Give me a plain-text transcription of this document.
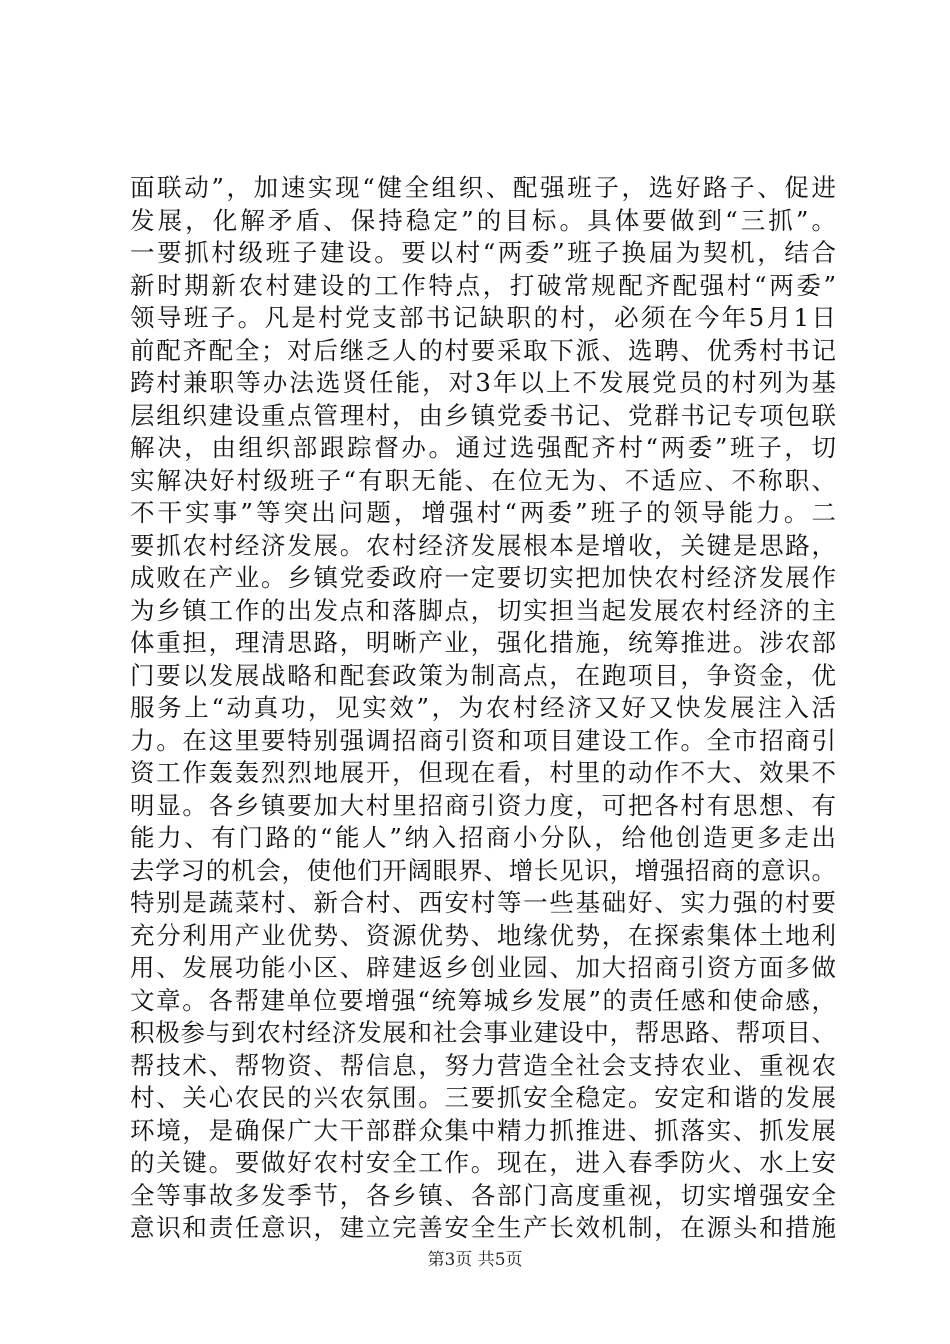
面联动”，加速实现“健全组织、配强班子，选好路子、促进
发展，化解矛盾、保持稳定”的目标。具体要做到“三抓”。
一要抓村级班子建设。要以村“两委”班子换届为契机，结合
新时期新农村建设的工作特点，打破常规配齐配强村“两委”
领导班子。凡是村党支部书记缺职的村，必须在今年5月1日
前配齐配全；对后继乏人的村要采取下派、选聘、优秀村书记
跨村兼职等办法选贤任能，对3年以上不发展党员的村列为基
层组织建设重点管理村，由乡镇党委书记、党群书记专项包联
解决，由组织部跟踪督办。通过选强配齐村“两委”班子，切
实解决好村级班子“有职无能、在位无为、不适应、不称职、
不干实事”等突出问题，增强村“两委”班子的领导能力。二
要抓农村经济发展。农村经济发展根本是增收，关键是思路，
成败在产业。乡镇党委政府一定要切实把加快农村经济发展作
为乡镇工作的出发点和落脚点，切实担当起发展农村经济的主
体重担，理清思路，明晰产业，强化措施，统筹推进。涉农部
门要以发展战略和配套政策为制高点，在跑项目，争资金，优
服务上“动真功，见实效”，为农村经济又好又快发展注入活
力。在这里要特别强调招商引资和项目建设工作。全市招商引
资工作轰轰烈烈地展开，但现在看，村里的动作不大、效果不
明显。各乡镇要加大村里招商引资力度，可把各村有思想、有
能力、有门路的“能人”纳入招商小分队，给他创造更多走出
去学习的机会，使他们开阔眼界、增长见识，增强招商的意识。
特别是蔬菜村、新合村、西安村等一些基础好、实力强的村要
充分利用产业优势、资源优势、地缘优势，在探索集体土地利
用、发展功能小区、辟建返乡创业园、加大招商引资方面多做
文章。各帮建单位要增强“统筹城乡发展”的责任感和使命感，
积极参与到农村经济发展和社会事业建设中，帮思路、帮项目、
帮技术、帮物资、帮信息，努力营造全社会支持农业、重视农
村、关心农民的兴农氛围。三要抓安全稳定。安定和谐的发展
环境，是确保广大干部群众集中精力抓推进、抓落实、抓发展
的关键。要做好农村安全工作。现在，进入春季防火、水上安
全等事故多发季节，各乡镇、各部门高度重视，切实增强安全
意识和责任意识，建立完善安全生产长效机制，在源头和措施
第3页 共5页
